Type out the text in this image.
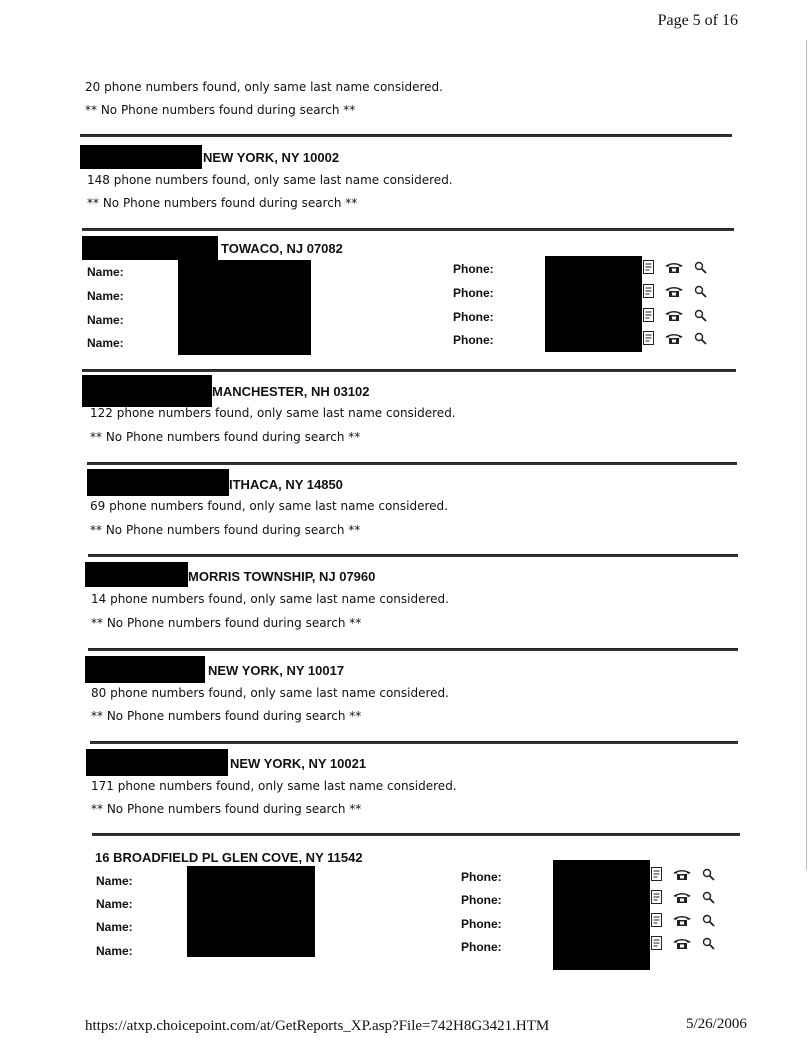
Page 5 of 16
20 phone numbers found, only same last name considered.
** No Phone numbers found during search **
NEW YORK, NY 10002
148 phone numbers found, only same last name considered.
** No Phone numbers found during search **
TOWACO, NJ 07082
Name:
Name:
Name:
Name:
Phone:
Phone:
Phone:
Phone:
MANCHESTER, NH 03102
122 phone numbers found, only same last name considered.
** No Phone numbers found during search **
ITHACA, NY 14850
69 phone numbers found, only same last name considered.
** No Phone numbers found during search **
MORRIS TOWNSHIP, NJ 07960
14 phone numbers found, only same last name considered.
** No Phone numbers found during search **
NEW YORK, NY 10017
80 phone numbers found, only same last name considered.
** No Phone numbers found during search **
NEW YORK, NY 10021
171 phone numbers found, only same last name considered.
** No Phone numbers found during search **
16 BROADFIELD PL GLEN COVE, NY 11542
Name:
Name:
Name:
Name:
Phone:
Phone:
Phone:
Phone:
https://atxp.choicepoint.com/at/GetReports_XP.asp?File=742H8G3421.HTM	5/26/2006
